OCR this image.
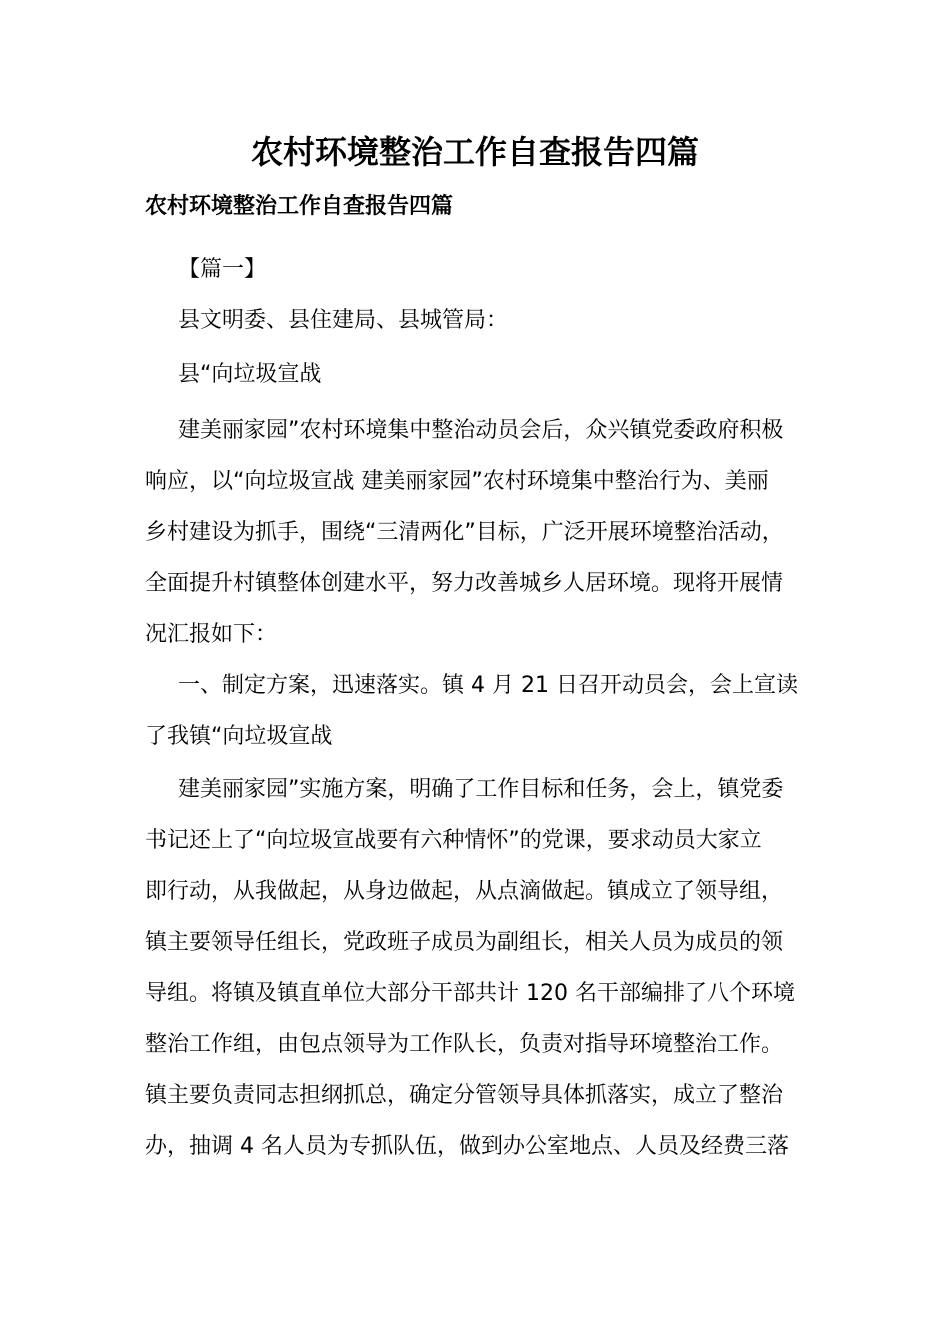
农村环境整治工作自查报告四篇
农村环境整治工作自查报告四篇

【篇一】

县文明委、县住建局、县城管局：

县“向垃圾宣战

建美丽家园”农村环境集中整治动员会后，众兴镇党委政府积极
响应，以“向垃圾宣战 建美丽家园”农村环境集中整治行为、美丽
乡村建设为抓手，围绕“三清两化”目标，广泛开展环境整治活动，
全面提升村镇整体创建水平，努力改善城乡人居环境。现将开展情
况汇报如下：

一、制定方案，迅速落实。镇 4 月 21 日召开动员会，会上宣读
了我镇“向垃圾宣战

建美丽家园”实施方案，明确了工作目标和任务，会上，镇党委
书记还上了“向垃圾宣战要有六种情怀”的党课，要求动员大家立
即行动，从我做起，从身边做起，从点滴做起。镇成立了领导组，
镇主要领导任组长，党政班子成员为副组长，相关人员为成员的领
导组。将镇及镇直单位大部分干部共计 120 名干部编排了八个环境
整治工作组，由包点领导为工作队长，负责对指导环境整治工作。
镇主要负责同志担纲抓总，确定分管领导具体抓落实，成立了整治
办，抽调 4 名人员为专抓队伍，做到办公室地点、人员及经费三落
